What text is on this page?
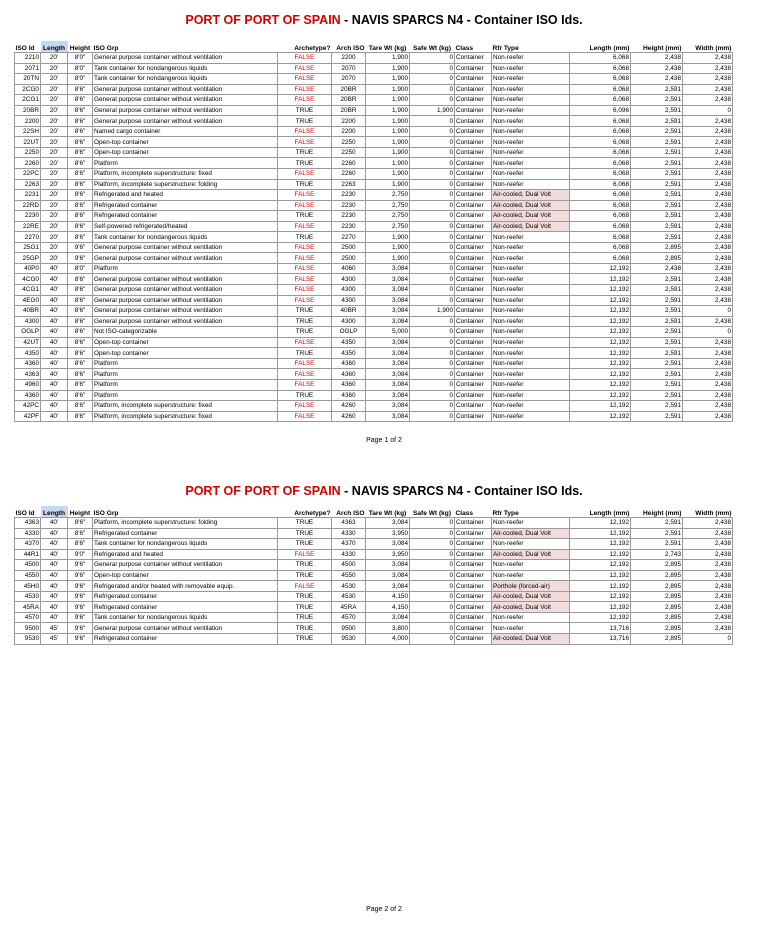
PORT OF PORT OF SPAIN - NAVIS SPARCS N4 - Container ISO Ids.
ISO Id	Length	Height	ISO Grp	Archetype?	Arch ISO	Tare Wt (kg)	Safe Wt (kg)	Class	Rfr Type	Length (mm)	Height (mm)	Width (mm)
2210	20'	8'0"	General purpose container without ventilation	FALSE	2200	1,900	0	Container	Non-reefer	6,068	2,438	2,438
2071	20'	8'0"	Tank container for nondangerous liquids	FALSE	2070	1,900	0	Container	Non-reefer	6,068	2,438	2,438
20TN	20'	8'0"	Tank container for nondangerous liquids	FALSE	2070	1,900	0	Container	Non-reefer	6,068	2,438	2,438
2CG0	20'	8'6"	General purpose container without ventilation	FALSE	20BR	1,900	0	Container	Non-reefer	6,068	2,591	2,438
2CG1	20'	8'6"	General purpose container without ventilation	FALSE	20BR	1,900	0	Container	Non-reefer	6,068	2,591	2,438
20BR	20'	8'6"	General purpose container without ventilation	TRUE	20BR	1,900	1,900	Container	Non-reefer	6,096	2,591	0
2200	20'	8'6"	General purpose container without ventilation	TRUE	2200	1,900	0	Container	Non-reefer	6,068	2,591	2,438
22SH	20'	8'6"	Named cargo container	FALSE	2200	1,900	0	Container	Non-reefer	6,068	2,591	2,438
22UT	20'	8'6"	Open-top container	FALSE	2250	1,900	0	Container	Non-reefer	6,068	2,591	2,438
2250	20'	8'6"	Open-top container	TRUE	2250	1,900	0	Container	Non-reefer	6,068	2,591	2,438
2260	20'	8'6"	Platform	TRUE	2260	1,900	0	Container	Non-reefer	6,068	2,591	2,438
22PC	20'	8'6"	Platform, incomplete superstructure: fixed	FALSE	2260	1,900	0	Container	Non-reefer	6,068	2,591	2,438
2263	20'	8'6"	Platform, incomplete superstructure: folding	TRUE	2263	1,900	0	Container	Non-reefer	6,068	2,591	2,438
2231	20'	8'6"	Refrigerated and heated	FALSE	2230	2,750	0	Container	Air-cooled, Dual Volt	6,068	2,591	2,438
22RD	20'	8'6"	Refrigerated container	FALSE	2230	2,750	0	Container	Air-cooled, Dual Volt	6,068	2,591	2,438
2230	20'	8'6"	Refrigerated container	TRUE	2230	2,750	0	Container	Air-cooled, Dual Volt	6,068	2,591	2,438
22RE	20'	8'6"	Self-powered refrigerated/heated	FALSE	2230	2,750	0	Container	Air-cooled, Dual Volt	6,068	2,591	2,438
2270	20'	8'6"	Tank container for nondangerous liquids	TRUE	2270	1,900	0	Container	Non-reefer	6,068	2,591	2,438
25G1	20'	9'6"	General purpose container without ventilation	FALSE	2500	1,900	0	Container	Non-reefer	6,068	2,895	2,438
25GP	20'	9'6"	General purpose container without ventilation	FALSE	2500	1,900	0	Container	Non-reefer	6,068	2,895	2,438
40P0	40'	8'0"	Platform	FALSE	4060	3,084	0	Container	Non-reefer	12,192	2,438	2,438
4CG0	40'	8'6"	General purpose container without ventilation	FALSE	4300	3,084	0	Container	Non-reefer	12,192	2,591	2,438
4CG1	40'	8'6"	General purpose container without ventilation	FALSE	4300	3,084	0	Container	Non-reefer	12,192	2,591	2,438
4EG0	40'	8'6"	General purpose container without ventilation	FALSE	4300	3,084	0	Container	Non-reefer	12,192	2,591	2,438
40BR	40'	8'6"	General purpose container without ventilation	TRUE	40BR	3,084	1,900	Container	Non-reefer	12,192	2,591	0
4300	40'	8'6"	General purpose container without ventilation	TRUE	4300	3,084	0	Container	Non-reefer	12,192	2,591	2,438
OGLP	40'	8'6"	Not ISO-categorizable	TRUE	OGLP	5,000	0	Container	Non-reefer	12,192	2,591	0
42UT	40'	8'6"	Open-top container	FALSE	4350	3,084	0	Container	Non-reefer	12,192	2,591	2,438
4350	40'	8'6"	Open-top container	TRUE	4350	3,084	0	Container	Non-reefer	12,192	2,591	2,438
4360	40'	8'6"	Platform	FALSE	4360	3,084	0	Container	Non-reefer	12,192	2,591	2,438
4363	40'	8'6"	Platform	FALSE	4360	3,084	0	Container	Non-reefer	12,192	2,591	2,438
4960	40'	8'6"	Platform	FALSE	4360	3,084	0	Container	Non-reefer	12,192	2,591	2,438
4360	40'	8'6"	Platform	TRUE	4360	3,084	0	Container	Non-reefer	12,192	2,591	2,438
42PC	40'	8'6"	Platform, incomplete superstructure: fixed	FALSE	4260	3,084	0	Container	Non-reefer	12,192	2,591	2,438
42PF	40'	8'6"	Platform, incomplete superstructure: fixed	FALSE	4260	3,084	0	Container	Non-reefer	12,192	2,591	2,438
Page 1 of 2
PORT OF PORT OF SPAIN - NAVIS SPARCS N4 - Container ISO Ids.
ISO Id	Length	Height	ISO Grp	Archetype?	Arch ISO	Tare Wt (kg)	Safe Wt (kg)	Class	Rfr Type	Length (mm)	Height (mm)	Width (mm)
4363	40'	8'6"	Platform, incomplete superstructure: folding	TRUE	4363	3,084	0	Container	Non-reefer	12,192	2,591	2,438
4330	40'	8'6"	Refrigerated container	TRUE	4330	3,950	0	Container	Air-cooled, Dual Volt	12,192	2,591	2,438
4370	40'	8'6"	Tank container for nondangerous liquids	TRUE	4370	3,084	0	Container	Non-reefer	12,192	2,591	2,438
44R1	40'	9'0"	Refrigerated and heated	FALSE	4330	3,950	0	Container	Air-cooled, Dual Volt	12,192	2,743	2,438
4500	40'	9'6"	General purpose container without ventilation	TRUE	4500	3,084	0	Container	Non-reefer	12,192	2,895	2,438
4550	40'	9'6"	Open-top container	TRUE	4550	3,084	0	Container	Non-reefer	12,192	2,895	2,438
45H0	40'	9'6"	Refrigerated and/or heated with removable equip.	FALSE	4530	3,084	0	Container	Porthole (forced-air)	12,192	2,895	2,438
4530	40'	9'6"	Refrigerated container	TRUE	4530	4,150	0	Container	Air-cooled, Dual Volt	12,192	2,895	2,438
45RA	40'	9'6"	Refrigerated container	TRUE	45RA	4,150	0	Container	Air-cooled, Dual Volt	12,192	2,895	2,438
4570	40'	9'6"	Tank container for nondangerous liquids	TRUE	4570	3,084	0	Container	Non-reefer	12,192	2,895	2,438
9500	45'	9'6"	General purpose container without ventilation	TRUE	9500	3,800	0	Container	Non-reefer	13,716	2,895	2,438
9530	45'	9'6"	Refrigerated container	TRUE	9530	4,000	0	Container	Air-cooled, Dual Volt	13,716	2,895	0
Page 2 of 2
